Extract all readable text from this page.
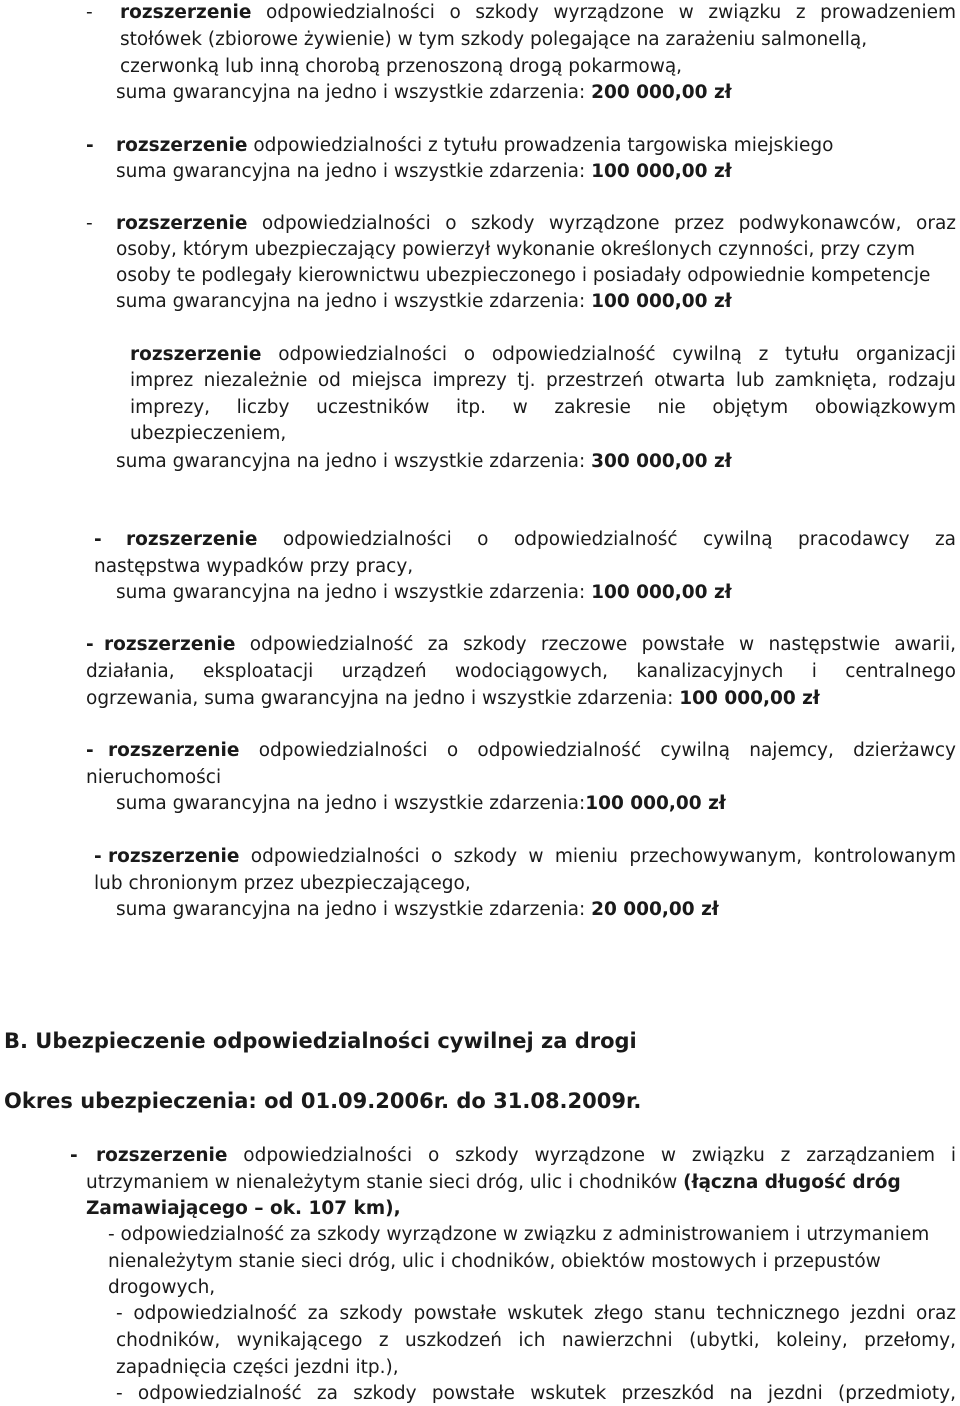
- rozszerzenie odpowiedzialności o szkody wyrządzone w związku z prowadzeniem
stołówek (zbiorowe żywienie) w tym szkody polegające na zarażeniu salmonellą,
czerwonką lub inną chorobą przenoszoną drogą pokarmową,
suma gwarancyjna na jedno i wszystkie zdarzenia: 200 000,00 zł
- rozszerzenie odpowiedzialności z tytułu prowadzenia targowiska miejskiego
suma gwarancyjna na jedno i wszystkie zdarzenia: 100 000,00 zł
- rozszerzenie odpowiedzialności o szkody wyrządzone przez podwykonawców, oraz
osoby, którym ubezpieczający powierzył wykonanie określonych czynności, przy czym
osoby te podlegały kierownictwu ubezpieczonego i posiadały odpowiednie kompetencje
suma gwarancyjna na jedno i wszystkie zdarzenia: 100 000,00 zł
rozszerzenie odpowiedzialności o odpowiedzialność cywilną z tytułu organizacji
imprez niezależnie od miejsca imprezy tj. przestrzeń otwarta lub zamknięta, rodzaju
imprezy, liczby uczestników itp. w zakresie nie objętym obowiązkowym
ubezpieczeniem,
suma gwarancyjna na jedno i wszystkie zdarzenia: 300 000,00 zł
- rozszerzenie odpowiedzialności o odpowiedzialność cywilną pracodawcy za
następstwa wypadków przy pracy,
suma gwarancyjna na jedno i wszystkie zdarzenia: 100 000,00 zł
- rozszerzenie odpowiedzialność za szkody rzeczowe powstałe w następstwie awarii,
działania, eksploatacji urządzeń wodociągowych, kanalizacyjnych i centralnego
ogrzewania, suma gwarancyjna na jedno i wszystkie zdarzenia: 100 000,00 zł
- rozszerzenie odpowiedzialności o odpowiedzialność cywilną najemcy, dzierżawcy
nieruchomości
suma gwarancyjna na jedno i wszystkie zdarzenia:100 000,00 zł
- rozszerzenie odpowiedzialności o szkody w mieniu przechowywanym, kontrolowanym
lub chronionym przez ubezpieczającego,
suma gwarancyjna na jedno i wszystkie zdarzenia: 20 000,00 zł
B. Ubezpieczenie odpowiedzialności cywilnej za drogi
Okres ubezpieczenia: od 01.09.2006r. do 31.08.2009r.
- rozszerzenie odpowiedzialności o szkody wyrządzone w związku z zarządzaniem i
utrzymaniem w nienależytym stanie sieci dróg, ulic i chodników (łączna długość dróg
Zamawiającego – ok. 107 km),
- odpowiedzialność za szkody wyrządzone w związku z administrowaniem i utrzymaniem
nienależytym stanie sieci dróg, ulic i chodników, obiektów mostowych i przepustów
drogowych,
- odpowiedzialność za szkody powstałe wskutek złego stanu technicznego jezdni oraz
chodników, wynikającego z uszkodzeń ich nawierzchni (ubytki, koleiny, przełomy,
zapadnięcia części jezdni itp.),
- odpowiedzialność za szkody powstałe wskutek przeszkód na jezdni (przedmioty,
